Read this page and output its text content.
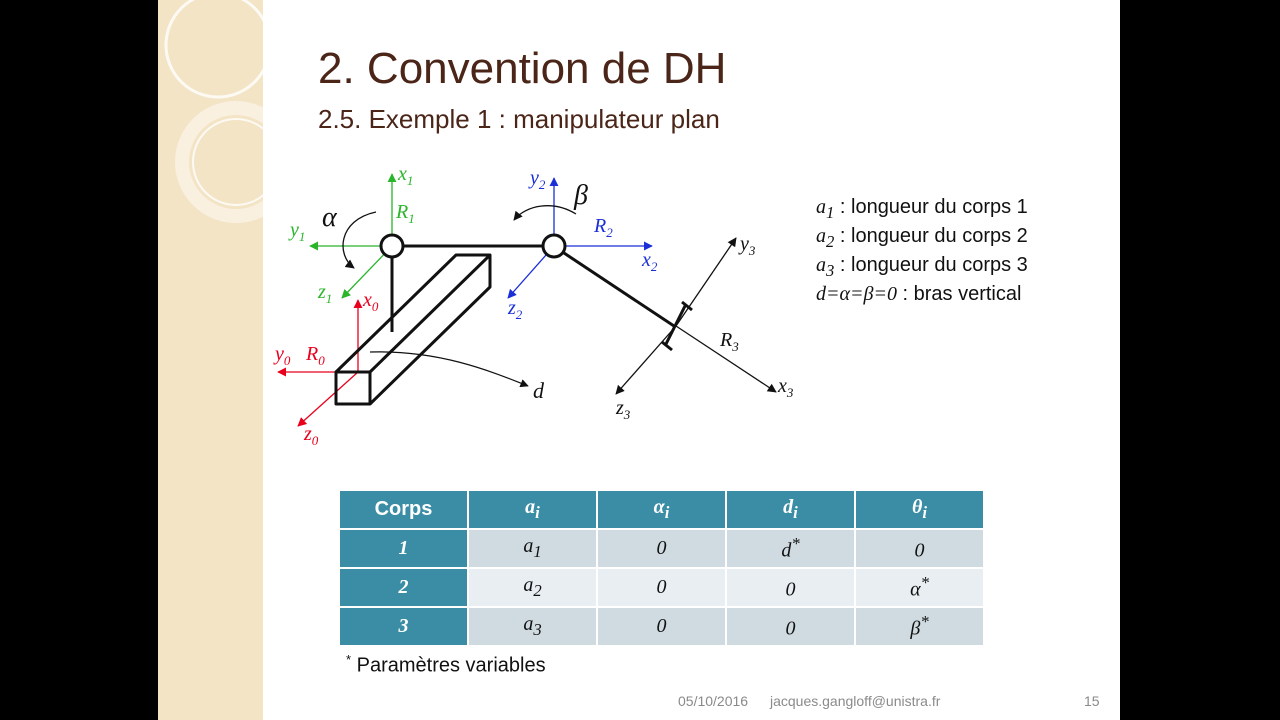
2. Convention de DH
2.5. Exemple 1 : manipulateur plan
$x_0$
$y_0$ $R_0$
$z_0$
d
$x_1$
$y_1$
$R_1$
$z_1$
α
$y_2$
$x_2$
$R_2$
$z_2$
β
$y_3$
$R_3$
$x_3$
$z_3$
$a_1$ : longueur du corps 1
$a_2$ : longueur du corps 2
$a_3$ : longueur du corps 3
d=α=β=0 : bras vertical
Corps	$a_i$	$\alpha_i$	$d_i$	$\theta_i$
1	$a_1$	0	d*	0
2	$a_2$	0	0	α*
3	$a_3$	0	0	β*
* Paramètres variables
05/10/2016 jacques.gangloff@unistra.fr	15
